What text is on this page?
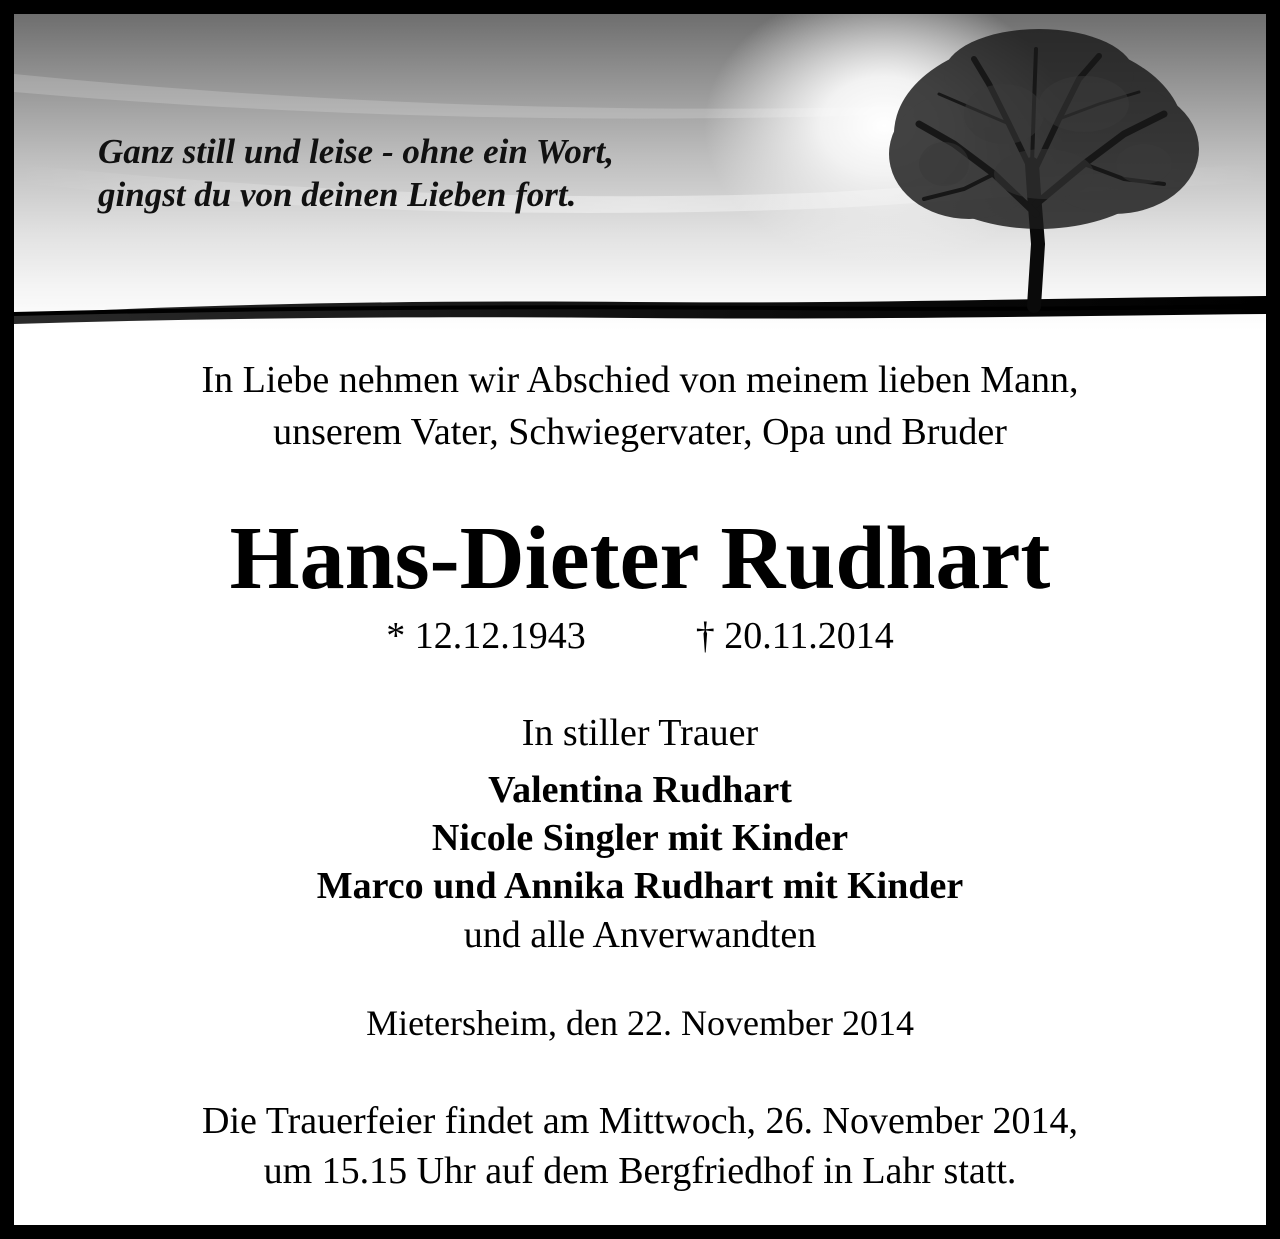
Ganz still und leise - ohne ein Wort,
gingst du von deinen Lieben fort.
In Liebe nehmen wir Abschied von meinem lieben Mann,
unserem Vater, Schwiegervater, Opa und Bruder
Hans-Dieter Rudhart
* 12.12.1943	† 20.11.2014
In stiller Trauer
Valentina Rudhart
Nicole Singler mit Kinder
Marco und Annika Rudhart mit Kinder
und alle Anverwandten
Mietersheim, den 22. November 2014
Die Trauerfeier findet am Mittwoch, 26. November 2014,
um 15.15 Uhr auf dem Bergfriedhof in Lahr statt.
